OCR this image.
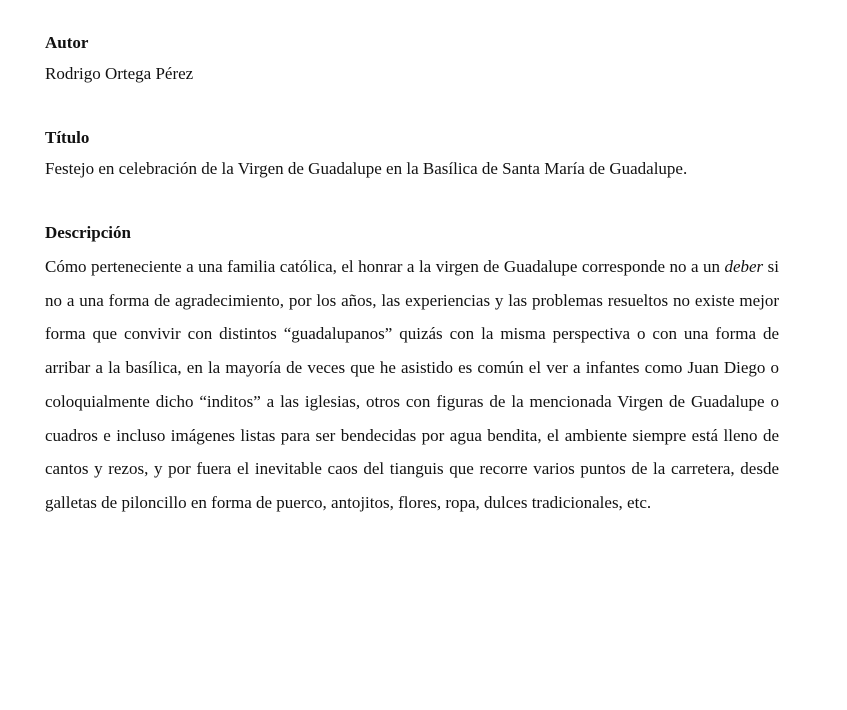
Autor
Rodrigo Ortega Pérez
Título
Festejo en celebración de la Virgen de Guadalupe en la Basílica de Santa María de Guadalupe.
Descripción
Cómo perteneciente a una familia católica, el honrar a la virgen de Guadalupe corresponde no a un deber si no a una forma de agradecimiento, por los años, las experiencias y las problemas resueltos no existe mejor forma que convivir con distintos “guadalupanos” quizás con la misma perspectiva o con una forma de arribar a la basílica, en la mayoría de veces que he asistido es común el ver a infantes como Juan Diego o coloquialmente dicho “inditos” a las iglesias, otros con figuras de la mencionada Virgen de Guadalupe o cuadros e incluso imágenes listas para ser bendecidas por agua bendita, el ambiente siempre está lleno de cantos y rezos, y por fuera el inevitable caos del tianguis que recorre varios puntos de la carretera, desde galletas de piloncillo en forma de puerco, antojitos, flores, ropa, dulces tradicionales, etc.
